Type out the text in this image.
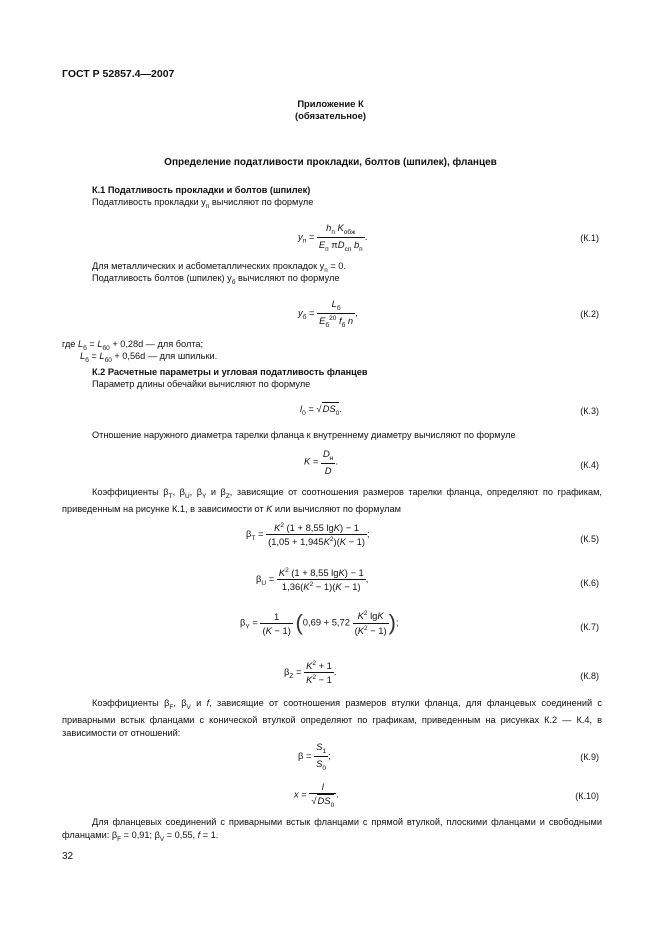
ГОСТ Р 52857.4—2007
Приложение К
(обязательное)
Определение податливости прокладки, болтов (шпилек), фланцев
К.1 Податливость прокладки и болтов (шпилек)
Податливость прокладки $y_п$ вычисляют по формуле
$y_п = \frac{h_п K_{обж}}{E_п \pi D_{сп} b_п}$ .	(К.1)
Для металлических и асбометаллических прокладок $y_п = 0$.
Податливость болтов (шпилек) $y_б$ вычисляют по формуле
$y_б = \frac{L_б}{E_б^{20} f_б n}$ ,	(К.2)
где $L_б = L_{б0} + 0,28d$ — для болта;
$L_б = L_{б0} + 0,56d$ — для шпильки.
К.2 Расчетные параметры и угловая податливость фланцев
Параметр длины обечайки вычисляют по формуле
$l_0 = √DS_0$.	(К.3)
Отношение наружного диаметра тарелки фланца к внутреннему диаметру вычисляют по формуле
$K = \frac{D_н}{D}$ .	(К.4)
Коэффициенты $\beta_T$, $\beta_U$, $\beta_Y$ и $\beta_Z$, зависящие от соотношения размеров тарелки фланца, определяют по графикам, приведенным на рисунке К.1, в зависимости от K или вычисляют по формулам
$\beta_T = \frac{K^2 (1 + 8,55 \lg K) - 1}{(1,05 + 1,945K^2)(K - 1)}$ ;	(К.5)
$\beta_U = \frac{K^2 (1 + 8,55 \lg K) - 1}{1,36(K^2 - 1)(K - 1)}$ ,	(К.6)
$\beta_Y = \frac{1}{(K - 1)} (0,69 + 5,72 \frac{K^2 \lg K}{(K^2 - 1)}$ );	(К.7)
$\beta_Z = \frac{K^2 + 1}{K^2 - 1}$ .	(К.8)
Коэффициенты $\beta_F$, $\beta_V$ и f, зависящие от соотношения размеров втулки фланца, для фланцевых соединений с приварными встык фланцами с конической втулкой определяют по графикам, приведенным на рисунках К.2 — К.4, в зависимости от отношений:
$\beta = \frac{S_1}{S_0}$ ;	(К.9)
$x = \frac{l}{√DS_0}$ .	(К.10)
Для фланцевых соединений с приварными встык фланцами с прямой втулкой, плоскими фланцами и свободными фланцами: $\beta_F = 0,91$; $\beta_V = 0,55$, f = 1.
32
